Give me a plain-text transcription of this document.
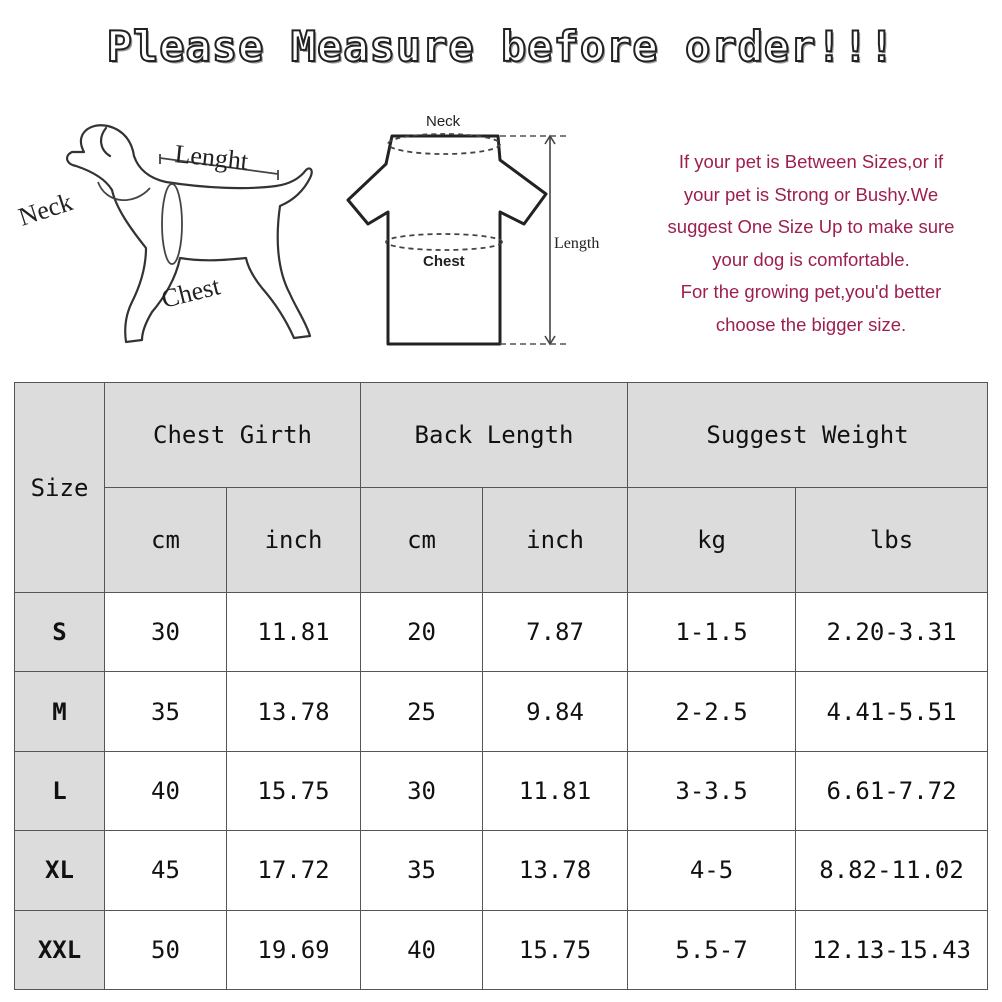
Please Measure before order!!!
Neck
Lenght
Chest
Neck
Chest
Length
If your pet is Between Sizes,or if
your pet is Strong or Bushy.We
suggest One Size Up to make sure
your dog is comfortable.
For the growing pet,you'd better
choose the bigger size.
Size	Chest Girth		Back Length		Suggest Weight	
	cm	inch	cm	inch	kg	lbs
S	30	11.81	20	7.87	1-1.5	2.20-3.31
M	35	13.78	25	9.84	2-2.5	4.41-5.51
L	40	15.75	30	11.81	3-3.5	6.61-7.72
XL	45	17.72	35	13.78	4-5	8.82-11.02
XXL	50	19.69	40	15.75	5.5-7	12.13-15.43
